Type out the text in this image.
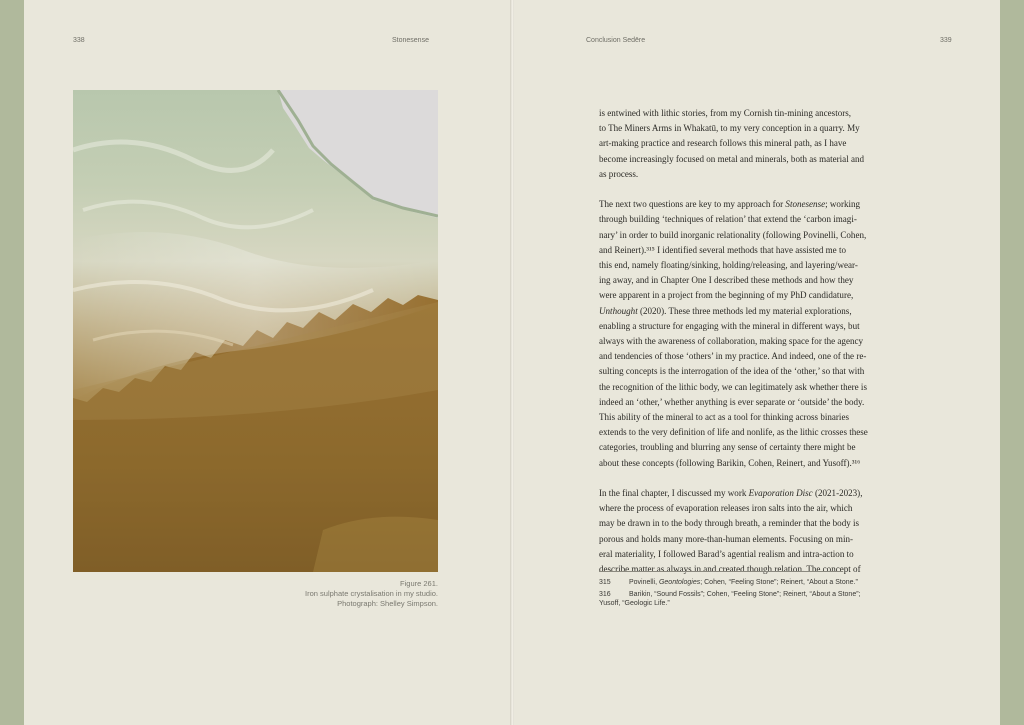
338	Stonesense	Conclusion Sedēre	339
Figure 261.
Iron sulphate crystalisation in my studio.
Photograph: Shelley Simpson.
is entwined with lithic stories, from my Cornish tin-mining ancestors,
to The Miners Arms in Whakatū, to my very conception in a quarry. My
art-making practice and research follows this mineral path, as I have
become increasingly focused on metal and minerals, both as material and
as process.

The next two questions are key to my approach for Stonesense; working
through building ‘techniques of relation’ that extend the ‘carbon imagi-
nary’ in order to build inorganic relationality (following Povinelli, Cohen,
and Reinert).³¹⁵ I identified several methods that have assisted me to
this end, namely floating/sinking, holding/releasing, and layering/wear-
ing away, and in Chapter One I described these methods and how they
were apparent in a project from the beginning of my PhD candidature,
Unthought (2020). These three methods led my material explorations,
enabling a structure for engaging with the mineral in different ways, but
always with the awareness of collaboration, making space for the agency
and tendencies of those ‘others’ in my practice. And indeed, one of the re-
sulting concepts is the interrogation of the idea of the ‘other,’ so that with
the recognition of the lithic body, we can legitimately ask whether there is
indeed an ‘other,’ whether anything is ever separate or ‘outside’ the body.
This ability of the mineral to act as a tool for thinking across binaries
extends to the very definition of life and nonlife, as the lithic crosses these
categories, troubling and blurring any sense of certainty there might be
about these concepts (following Barikin, Cohen, Reinert, and Yusoff).³¹⁶

In the final chapter, I discussed my work Evaporation Disc (2021-2023),
where the process of evaporation releases iron salts into the air, which
may be drawn in to the body through breath, a reminder that the body is
porous and holds many more-than-human elements. Focusing on min-
eral materiality, I followed Barad’s agential realism and intra-action to
describe matter as always in and created though relation. The concept of
315	Povinelli, Geontologies; Cohen, “Feeling Stone”; Reinert, “About a Stone.”
316	Barikin, “Sound Fossils”; Cohen, “Feeling Stone”; Reinert, “About a Stone”;
Yusoff, “Geologic Life.”
